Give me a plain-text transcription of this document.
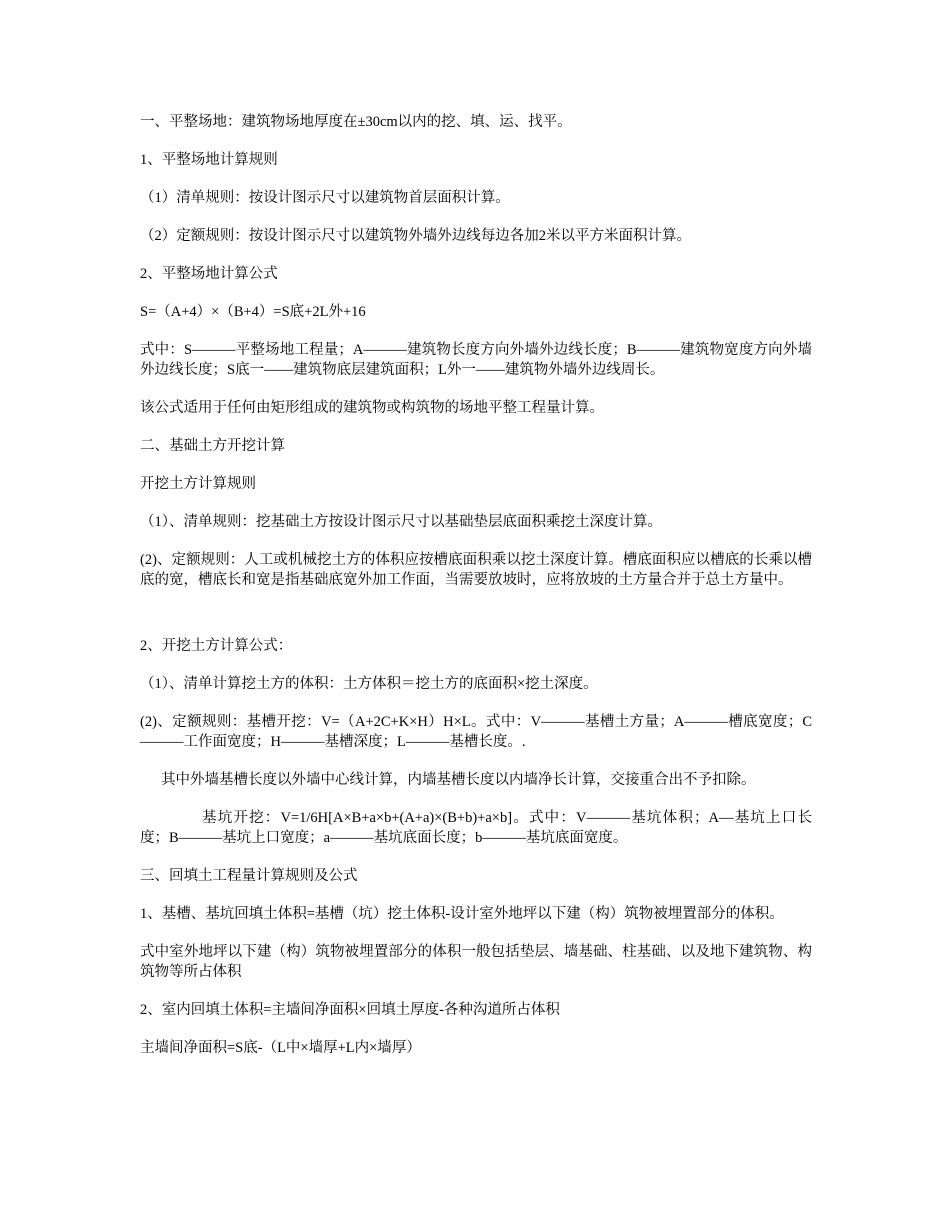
一、平整场地：建筑物场地厚度在±30cm以内的挖、填、运、找平。

1、平整场地计算规则

（1）清单规则：按设计图示尺寸以建筑物首层面积计算。

（2）定额规则：按设计图示尺寸以建筑物外墙外边线每边各加2米以平方米面积计算。

2、平整场地计算公式

S=（A+4）×（B+4）=S底+2L外+16

式中：S———平整场地工程量；A———建筑物长度方向外墙外边线长度；B———建筑物宽度方向外墙外边线长度；S底一——建筑物底层建筑面积；L外一——建筑物外墙外边线周长。

该公式适用于任何由矩形组成的建筑物或构筑物的场地平整工程量计算。

二、基础土方开挖计算

开挖土方计算规则

（1）、清单规则：挖基础土方按设计图示尺寸以基础垫层底面积乘挖土深度计算。

(2)、定额规则：人工或机械挖土方的体积应按槽底面积乘以挖土深度计算。槽底面积应以槽底的长乘以槽底的宽，槽底长和宽是指基础底宽外加工作面，当需要放坡时，应将放坡的土方量合并于总土方量中。

2、开挖土方计算公式：

（1）、清单计算挖土方的体积：土方体积＝挖土方的底面积×挖土深度。

(2)、定额规则：基槽开挖：V=（A+2C+K×H）H×L。式中：V———基槽土方量；A———槽底宽度；C———工作面宽度；H———基槽深度；L———基槽长度。.

其中外墙基槽长度以外墙中心线计算，内墙基槽长度以内墙净长计算，交接重合出不予扣除。

基坑开挖：V=1/6H[A×B+a×b+(A+a)×(B+b)+a×b]。式中：V———基坑体积；A—基坑上口长度；B———基坑上口宽度；a———基坑底面长度；b———基坑底面宽度。

三、回填土工程量计算规则及公式

1、基槽、基坑回填土体积=基槽（坑）挖土体积-设计室外地坪以下建（构）筑物被埋置部分的体积。

式中室外地坪以下建（构）筑物被埋置部分的体积一般包括垫层、墙基础、柱基础、以及地下建筑物、构筑物等所占体积

2、室内回填土体积=主墙间净面积×回填土厚度-各种沟道所占体积

主墙间净面积=S底-（L中×墙厚+L内×墙厚）
